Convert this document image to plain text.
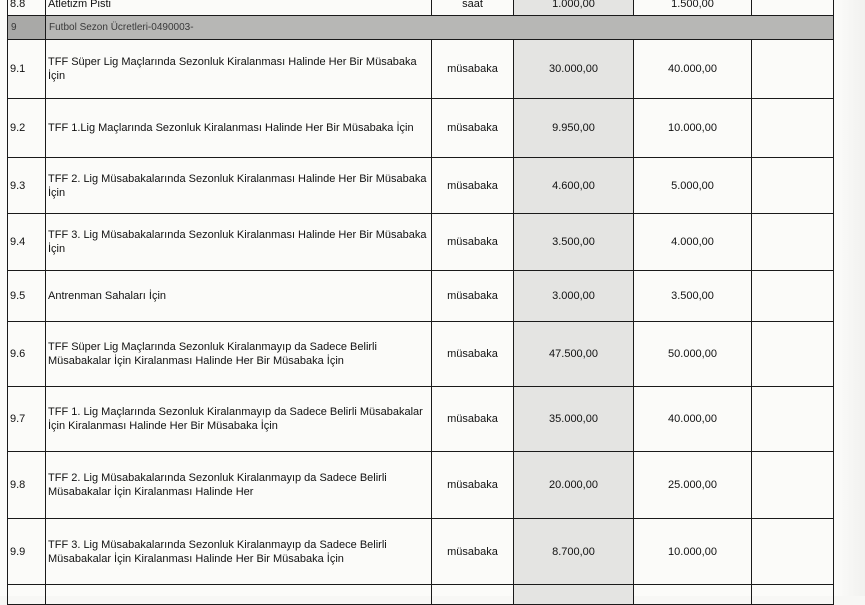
8.8	Atletizm Pisti	saat	1.000,00	1.500,00	
9	Futbol Sezon Ücretleri-0490003-				
9.1	TFF Süper Lig Maçlarında Sezonluk Kiralanması Halinde Her Bir Müsabaka İçin	müsabaka	30.000,00	40.000,00	
9.2	TFF 1.Lig Maçlarında Sezonluk Kiralanması Halinde Her Bir Müsabaka İçin	müsabaka	9.950,00	10.000,00	
9.3	TFF 2. Lig Müsabakalarında Sezonluk Kiralanması Halinde Her Bir Müsabaka İçin	müsabaka	4.600,00	5.000,00	
9.4	TFF 3. Lig Müsabakalarında Sezonluk Kiralanması Halinde Her Bir Müsabaka İçin	müsabaka	3.500,00	4.000,00	
9.5	Antrenman Sahaları İçin	müsabaka	3.000,00	3.500,00	
9.6	TFF Süper Lig Maçlarında Sezonluk Kiralanmayıp da Sadece Belirli Müsabakalar İçin Kiralanması Halinde Her Bir Müsabaka İçin	müsabaka	47.500,00	50.000,00	
9.7	TFF 1. Lig Maçlarında Sezonluk Kiralanmayıp da Sadece Belirli Müsabakalar İçin Kiralanması Halinde Her Bir Müsabaka İçin	müsabaka	35.000,00	40.000,00	
9.8	TFF 2. Lig Müsabakalarında Sezonluk Kiralanmayıp da Sadece Belirli Müsabakalar İçin Kiralanması Halinde Her	müsabaka	20.000,00	25.000,00	
9.9	TFF 3. Lig Müsabakalarında Sezonluk Kiralanmayıp da Sadece Belirli Müsabakalar İçin Kiralanması Halinde Her Bir Müsabaka İçin	müsabaka	8.700,00	10.000,00	
